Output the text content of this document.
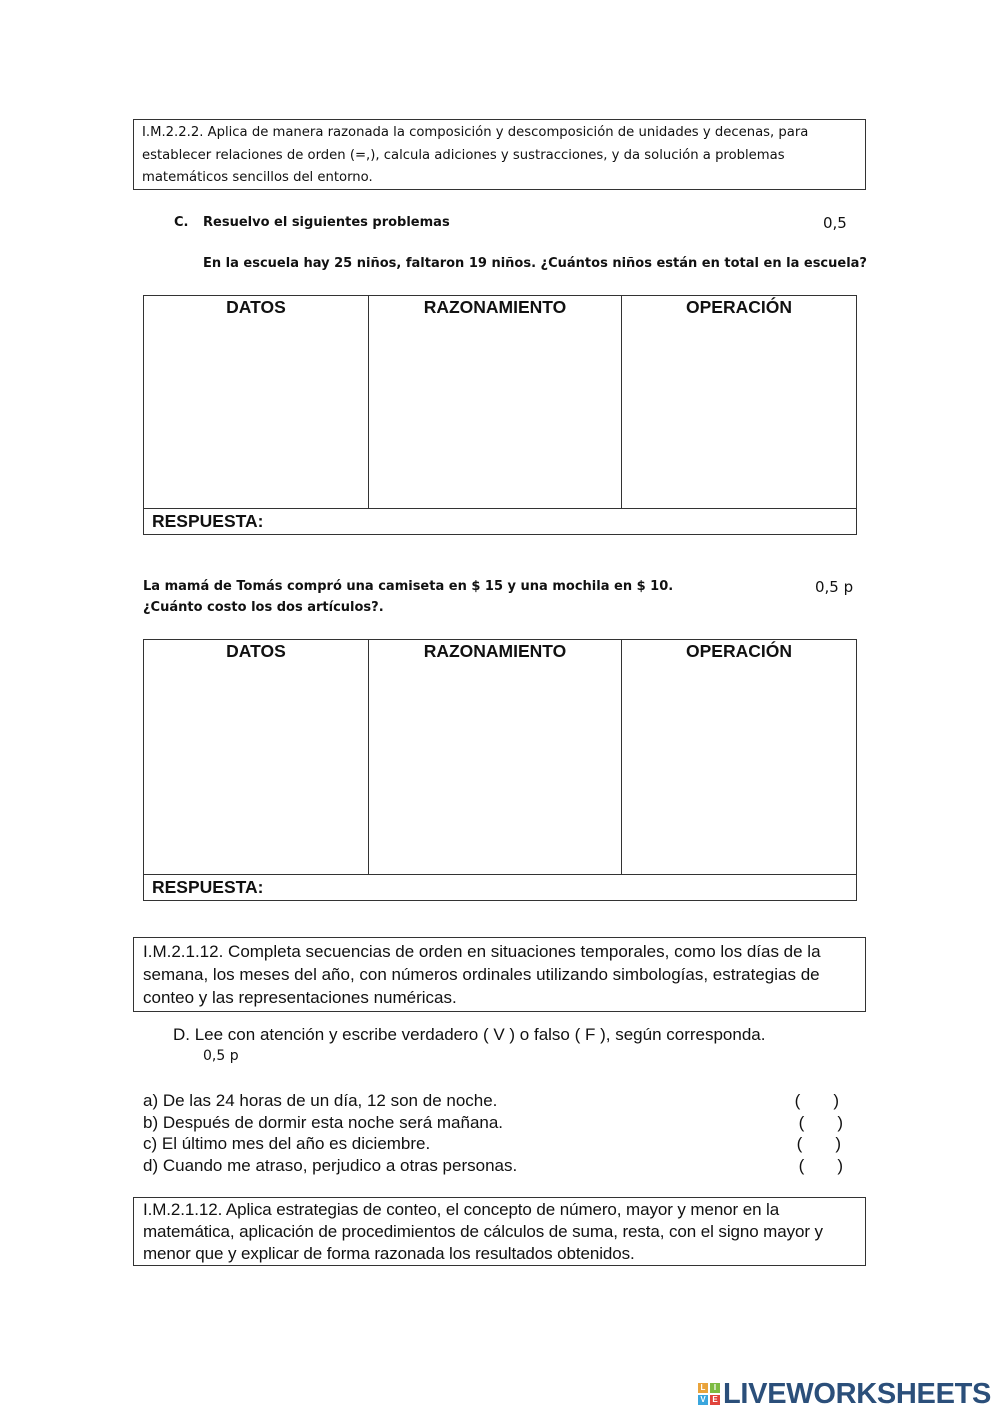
I.M.2.2.2. Aplica de manera razonada la composición y descomposición de unidades y decenas, para establecer relaciones de orden (=,), calcula adiciones y sustracciones, y da solución a problemas matemáticos sencillos del entorno.
C. Resuelvo el siguientes problemas	0,5
En la escuela hay 25 niños, faltaron 19 niños. ¿Cuántos niños están en total en la escuela?
DATOS	RAZONAMIENTO	OPERACIÓN
RESPUESTA:
La mamá de Tomás compró una camiseta en $ 15 y una mochila en $ 10.
¿Cuánto costo los dos artículos?.
0,5 p
DATOS	RAZONAMIENTO	OPERACIÓN
RESPUESTA:
I.M.2.1.12. Completa secuencias de orden en situaciones temporales, como los días de la semana, los meses del año, con números ordinales utilizando simbologías, estrategias de conteo y las representaciones numéricas.
D. Lee con atención y escribe verdadero ( V ) o falso ( F ), según corresponda.
0,5 p
a) De las 24 horas de un día, 12 son de noche.	(       )
b) Después de dormir esta noche será mañana.	(       )
c) El último mes del año es diciembre.	(       )
d) Cuando me atraso, perjudico a otras personas.	(       )
I.M.2.1.12. Aplica estrategias de conteo, el concepto de número, mayor y menor en la matemática, aplicación de procedimientos de cálculos de suma, resta, con el signo mayor y menor que y explicar de forma razonada los resultados obtenidos.
L	I
V E LIVEWORKSHEETS
